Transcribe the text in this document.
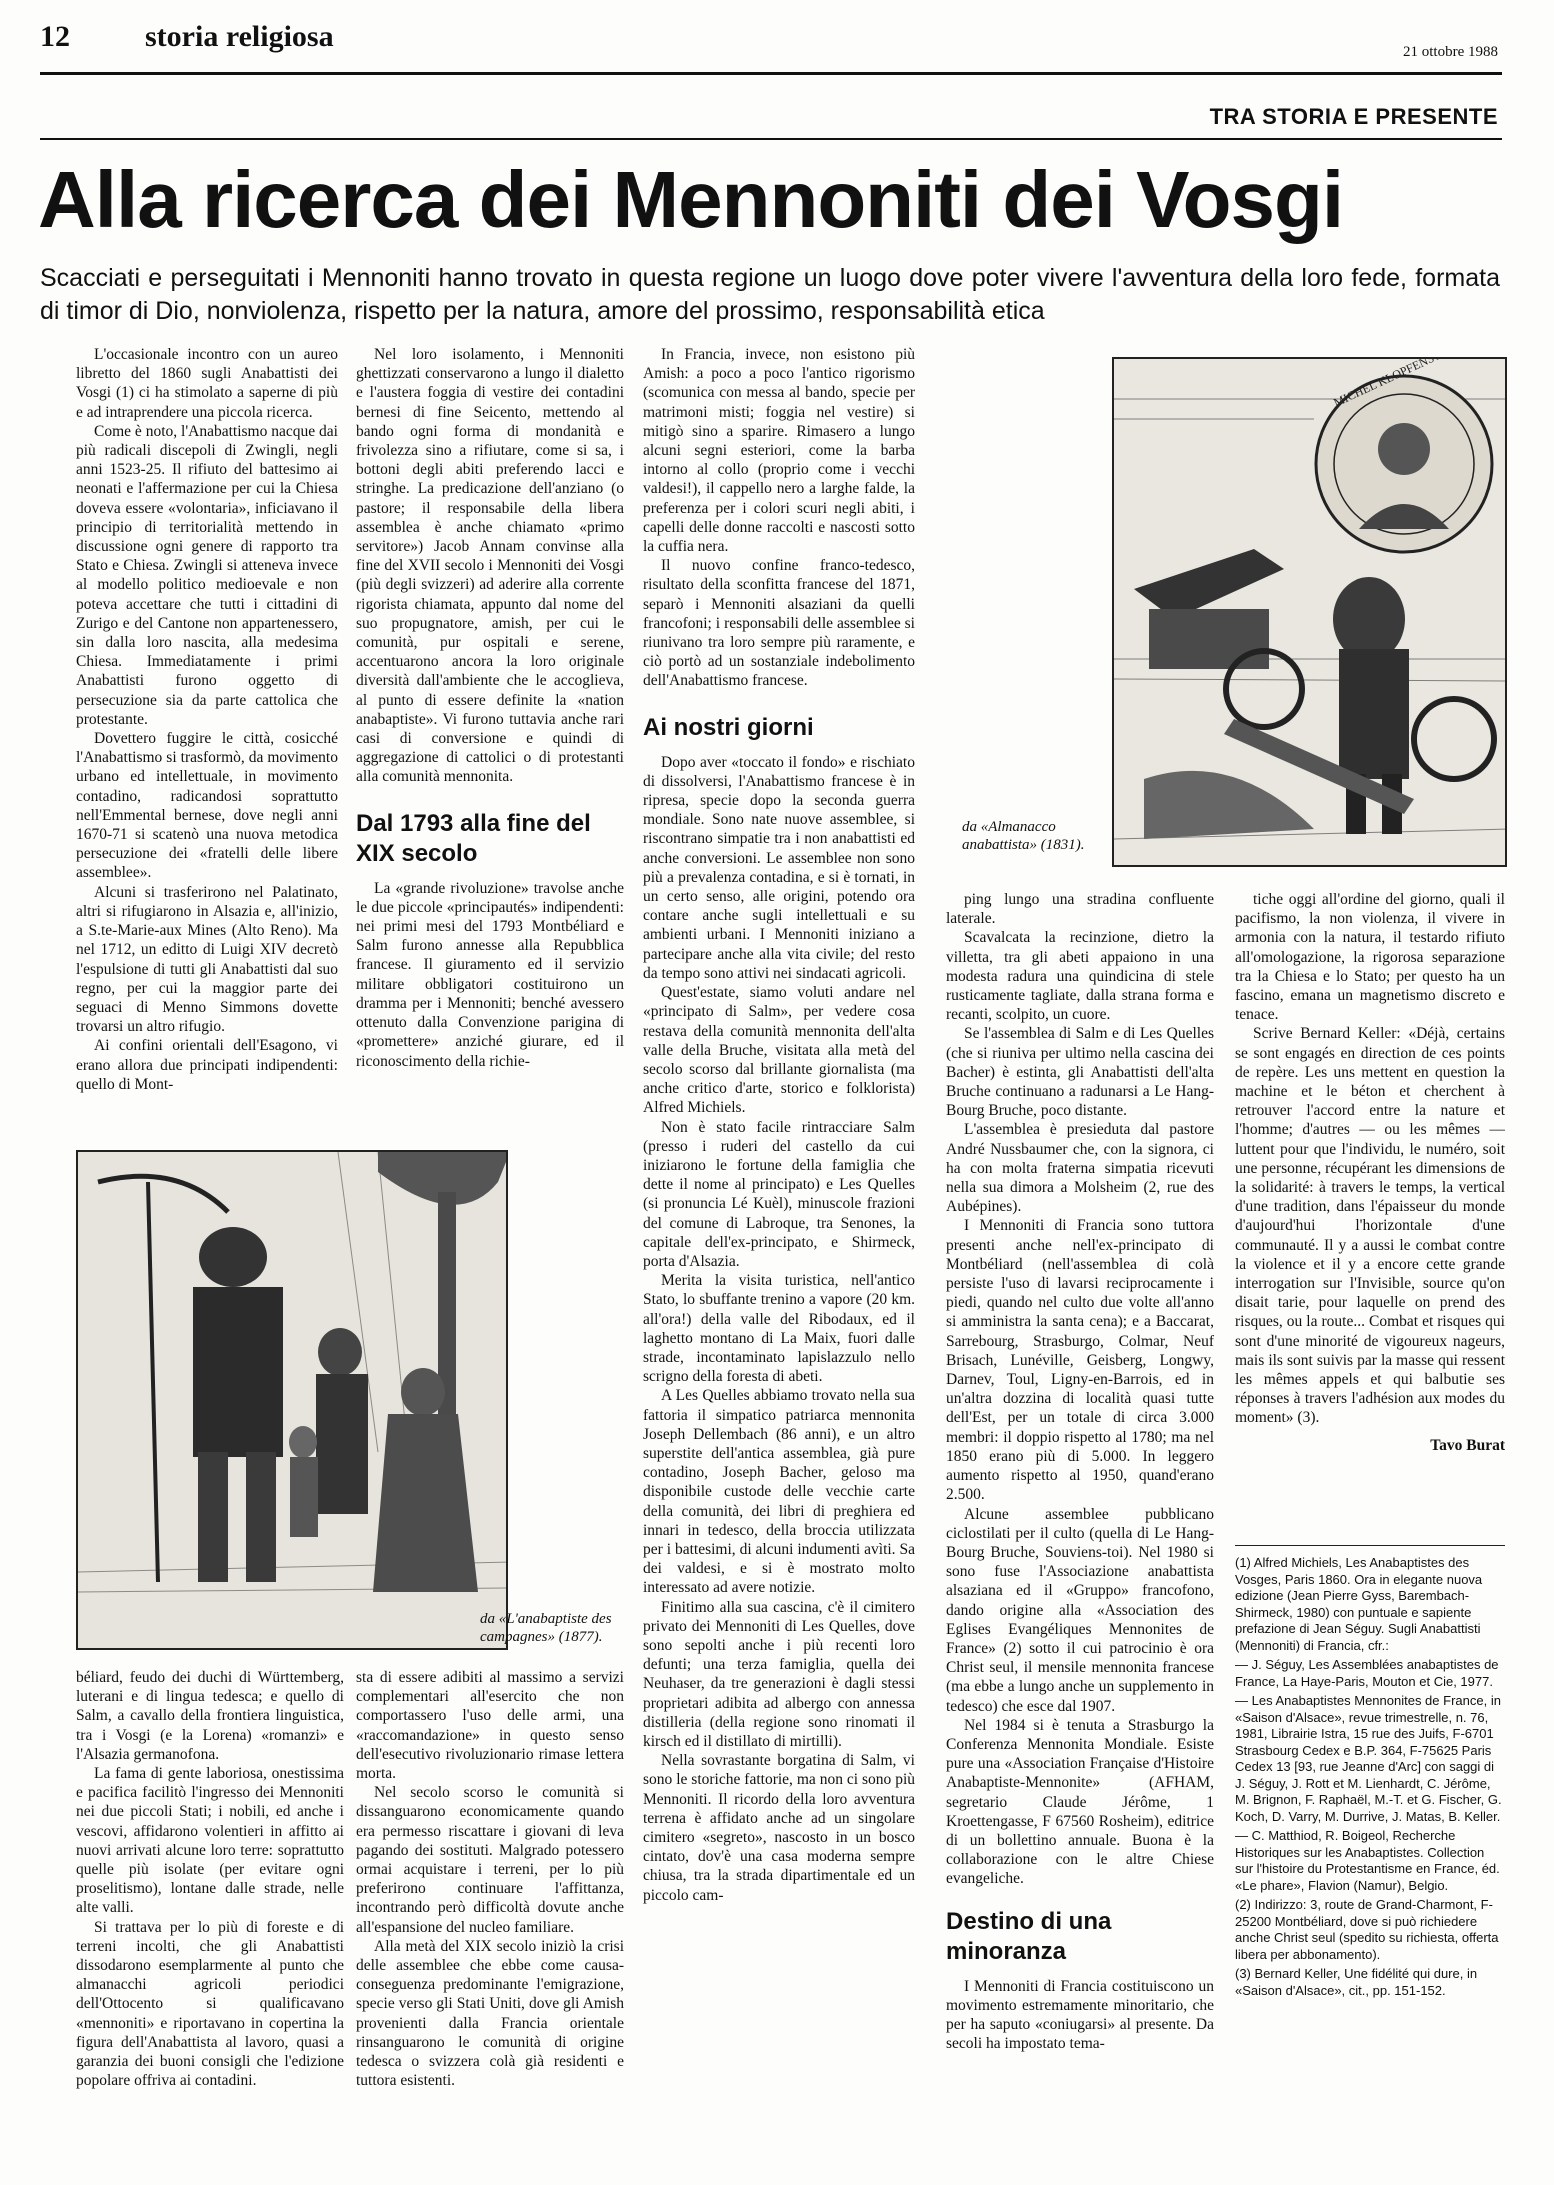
12	storia religiosa	21 ottobre 1988
TRA STORIA E PRESENTE
Alla ricerca dei Mennoniti dei Vosgi
Scacciati e perseguitati i Mennoniti hanno trovato in questa regione un luogo dove poter vivere l'avventura della loro fede, formata di timor di Dio, nonviolenza, rispetto per la natura, amore del prossimo, responsabilità etica

L'occasionale incontro con un aureo libretto del 1860 sugli Anabattisti dei Vosgi (1) ci ha stimolato a saperne di più e ad intraprendere una piccola ricerca.

Come è noto, l'Anabattismo nacque dai più radicali discepoli di Zwingli, negli anni 1523-25. Il rifiuto del battesimo ai neonati e l'affermazione per cui la Chiesa doveva essere «volontaria», inficiavano il principio di territorialità mettendo in discussione ogni genere di rapporto tra Stato e Chiesa. Zwingli si atteneva invece al modello politico medioevale e non poteva accettare che tutti i cittadini di Zurigo e del Cantone non appartenessero, sin dalla loro nascita, alla medesima Chiesa. Immediatamente i primi Anabattisti furono oggetto di persecuzione sia da parte cattolica che protestante.

Dovettero fuggire le città, cosicché l'Anabattismo si trasformò, da movimento urbano ed intellettuale, in movimento contadino, radicandosi soprattutto nell'Emmental bernese, dove negli anni 1670-71 si scatenò una nuova metodica persecuzione dei «fratelli delle libere assemblee».

Alcuni si trasferirono nel Palatinato, altri si rifugiarono in Alsazia e, all'inizio, a S.te-Marie-aux Mines (Alto Reno). Ma nel 1712, un editto di Luigi XIV decretò l'espulsione di tutti gli Anabattisti dal suo regno, per cui la maggior parte dei seguaci di Menno Simmons dovette trovarsi un altro rifugio.

Ai confini orientali dell'Esagono, vi erano allora due principati indipendenti: quello di Mont-

Nel loro isolamento, i Mennoniti ghettizzati conservarono a lungo il dialetto e l'austera foggia di vestire dei contadini bernesi di fine Seicento, mettendo al bando ogni forma di mondanità e frivolezza sino a rifiutare, come si sa, i bottoni degli abiti preferendo lacci e stringhe. La predicazione dell'anziano (o pastore; il responsabile della libera assemblea è anche chiamato «primo servitore») Jacob Annam convinse alla fine del XVII secolo i Mennoniti dei Vosgi (più degli svizzeri) ad aderire alla corrente rigorista chiamata, appunto dal nome del suo propugnatore, amish, per cui le comunità, pur ospitali e serene, accentuarono ancora la loro originale diversità dall'ambiente che le accoglieva, al punto di essere definite la «nation anabaptiste». Vi furono tuttavia anche rari casi di conversione e quindi di aggregazione di cattolici o di protestanti alla comunità mennonita.

Dal 1793 alla fine del XIX secolo

La «grande rivoluzione» travolse anche le due piccole «principautés» indipendenti: nei primi mesi del 1793 Montbéliard e Salm furono annesse alla Repubblica francese. Il giuramento ed il servizio militare obbligatori costituirono un dramma per i Mennoniti; benché avessero ottenuto dalla Convenzione parigina di «prometterе» anziché giurare, ed il riconoscimento della richie-

In Francia, invece, non esistono più Amish: a poco a poco l'antico rigorismo (scomunica con messa al bando, specie per matrimoni misti; foggia nel vestire) si mitigò sino a sparire. Rimasero a lungo alcuni segni esteriori, come la barba intorno al collo (proprio come i vecchi valdesi!), il cappello nero a larghe falde, la preferenza per i colori scuri negli abiti, i capelli delle donne raccolti e nascosti sotto la cuffia nera.

Il nuovo confine franco-tedesco, risultato della sconfitta francese del 1871, separò i Mennoniti alsaziani da quelli francofoni; i responsabili delle assemblee si riunivano tra loro sempre più raramente, e ciò portò ad un sostanziale indebolimento dell'Anabattismo francese.

Ai nostri giorni

Dopo aver «toccato il fondo» e rischiato di dissolversi, l'Anabattismo francese è in ripresa, specie dopo la seconda guerra mondiale. Sono nate nuove assemblee, si riscontrano simpatie tra i non anabattisti ed anche conversioni. Le assemblee non sono più a prevalenza contadina, e si è tornati, in un certo senso, alle origini, potendo ora contare anche sugli intellettuali e su ambienti urbani. I Mennoniti iniziano a partecipare anche alla vita civile; del resto da tempo sono attivi nei sindacati agricoli.

Quest'estate, siamo voluti andare nel «principato di Salm», per vedere cosa restava della comunità mennonita dell'alta valle della Bruche, visitata alla metà del secolo scorso dal brillante giornalista (ma anche critico d'arte, storico e folklorista) Alfred Michiels.

Non è stato facile rintracciare Salm (presso i ruderi del castello da cui iniziarono le fortune della famiglia che dette il nome al principato) e Les Quelles (si pronuncia Lé Kuèl), minuscole frazioni del comune di Labroque, tra Senones, la capitale dell'ex-principato, e Shirmeck, porta d'Alsazia.

Merita la visita turistica, nell'antico Stato, lo sbuffante trenino a vapore (20 km. all'ora!) della valle del Ribodaux, ed il laghetto montano di La Maix, fuori dalle strade, incontaminato lapislazzulo nello scrigno della foresta di abeti.

A Les Quelles abbiamo trovato nella sua fattoria il simpatico patriarca mennonita Joseph Dellembach (86 anni), e un altro superstite dell'antica assemblea, già pure contadino, Joseph Bacher, geloso ma disponibile custode delle vecchie carte della comunità, dei libri di preghiera ed innari in tedesco, della broccia utilizzata per i battesimi, di alcuni indumenti avìti. Sa dei valdesi, e si è mostrato molto interessato ad avere notizie.

Finitimo alla sua cascina, c'è il cimitero privato dei Mennoniti di Les Quelles, dove sono sepolti anche i più recenti loro defunti; una terza famiglia, quella dei Neuhaser, da tre generazioni è dagli stessi proprietari adibita ad albergo con annessa distilleria (della regione sono rinomati il kirsch ed il distillato di mirtilli).

Nella sovrastante borgatina di Salm, vi sono le storiche fattorie, ma non ci sono più Mennoniti. Il ricordo della loro avventura terrena è affidato anche ad un singolare cimitero «segreto», nascosto in un bosco cintato, dov'è una casa moderna sempre chiusa, tra la strada dipartimentale ed un piccolo cam-

da «Almanacco anabattista» (1831).

ping lungo una stradina confluente laterale.

Scavalcata la recinzione, dietro la villetta, tra gli abeti appaiono in una modesta radura una quindicina di stele rusticamente tagliate, dalla strana forma e recanti, scolpito, un cuore.

Se l'assemblea di Salm e di Les Quelles (che si riuniva per ultimo nella cascina dei Bacher) è estinta, gli Anabattisti dell'alta Bruche continuano a radunarsi a Le Hang-Bourg Bruche, poco distante.

L'assemblea è presieduta dal pastore André Nussbaumer che, con la signora, ci ha con molta fraterna simpatia ricevuti nella sua dimora a Molsheim (2, rue des Aubépines).

I Mennoniti di Francia sono tuttora presenti anche nell'ex-principato di Montbéliard (nell'assemblea di colà persiste l'uso di lavarsi reciprocamente i piedi, quando nel culto due volte all'anno si amministra la santa cena); e a Baccarat, Sarrebourg, Strasburgo, Colmar, Neuf Brisach, Lunéville, Geisberg, Longwy, Darnev, Toul, Ligny-en-Barrois, ed in un'altra dozzina di località quasi tutte dell'Est, per un totale di circa 3.000 membri: il doppio rispetto al 1780; ma nel 1850 erano più di 5.000. In leggero aumento rispetto al 1950, quand'erano 2.500.

Alcune assemblee pubblicano ciclostilati per il culto (quella di Le Hang-Bourg Bruche, Souviens-toi). Nel 1980 si sono fuse l'Associazione anabattista alsaziana ed il «Gruppo» francofono, dando origine alla «Association des Eglises Evangéliques Mennonites de France» (2) sotto il cui patrocinio è ora Christ seul, il mensile mennonita francese (ma ebbe a lungo anche un supplemento in tedesco) che esce dal 1907.

Nel 1984 si è tenuta a Strasburgo la Conferenza Mennonita Mondiale. Esiste pure una «Association Française d'Histoire Anabaptiste-Mennonite» (AFHAM, segretario Claude Jérôme, 1 Kroettengasse, F 67560 Rosheim), editrice di un bollettino annuale. Buona è la collaborazione con le altre Chiese evangeliche.

Destino di una minoranza

I Mennoniti di Francia costituiscono un movimento estremamente minoritario, che per ha saputo «coniugarsi» al presente. Da secoli ha impostato tema-

tiche oggi all'ordine del giorno, quali il pacifismo, la non violenza, il vivere in armonia con la natura, il testardo rifiuto all'omologazione, la rigorosa separazione tra la Chiesa e lo Stato; per questo ha un fascino, emana un magnetismo discreto e tenace.

Scrive Bernard Keller: «Déjà, certains se sont engagés en direction de ces points de repère. Les uns mettent en question la machine et le béton et cherchent à retrouver l'accord entre la nature et l'homme; d'autres — ou les mêmes — luttent pour que l'individu, le numéro, soit une personne, récupérant les dimensions de la solidarité: à travers le temps, la vertical d'une tradition, dans l'épaisseur du monde d'aujourd'hui l'horizontale d'une communauté. Il y a aussi le combat contre la violence et il y a encore cette grande interrogation sur l'Invisible, source qu'on disait tarie, pour laquelle on prend des risques, ou la route... Combat et risques qui sont d'une minorité de vigoureux nageurs, mais ils sont suivis par la masse qui ressent les mêmes appels et qui balbutie ses réponses à travers l'adhésion aux modes du moment» (3).

Tavo Burat

(1) Alfred Michiels, Les Anabaptistes des Vosges, Paris 1860. Ora in elegante nuova edizione (Jean Pierre Gyss, Barembach-Shirmeck, 1980) con puntuale e sapiente prefazione di Jean Séguy. Sugli Anabattisti (Mennoniti) di Francia, cfr.:

— J. Séguy, Les Assemblées anabaptistes de France, La Haye-Paris, Mouton et Cie, 1977.

— Les Anabaptistes Mennonites de France, in «Saison d'Alsace», revue trimestrelle, n. 76, 1981, Librairie Istra, 15 rue des Juifs, F-6701 Strasbourg Cedex e B.P. 364, F-75625 Paris Cedex 13 [93, rue Jeanne d'Arc] con saggi di J. Séguy, J. Rott et M. Lienhardt, C. Jérôme, M. Brignon, F. Raphaël, M.-T. et G. Fischer, G. Koch, D. Varry, M. Durrive, J. Matas, B. Keller.

— C. Matthiod, R. Boigeol, Recherche Historiques sur les Anabaptistes. Collection sur l'histoire du Protestantisme en France, éd. «Le phare», Flavion (Namur), Belgio.

(2) Indirizzo: 3, route de Grand-Charmont, F-25200 Montbéliard, dove si può richiedere anche Christ seul (spedito su richiesta, offerta libera per abbonamento).

(3) Bernard Keller, Une fidélité qui dure, in «Saison d'Alsace», cit., pp. 151-152.

da «L'anabaptiste des campagnes» (1877).

béliard, feudo dei duchi di Württemberg, luterani e di lingua tedesca; e quello di Salm, a cavallo della frontiera linguistica, tra i Vosgi (e la Lorena) «romanzi» e l'Alsazia germanofona.

La fama di gente laboriosa, onestissima e pacifica facilitò l'ingresso dei Mennoniti nei due piccoli Stati; i nobili, ed anche i vescovi, affidarono volentieri in affitto ai nuovi arrivati alcune loro terre: soprattutto quelle più isolate (per evitare ogni proselitismo), lontane dalle strade, nelle alte valli.

Si trattava per lo più di foreste e di terreni incolti, che gli Anabattisti dissodarono esemplarmente al punto che almanacchi agricoli periodici dell'Ottocento si qualificavano «mennoniti» e riportavano in copertina la figura dell'Anabattista al lavoro, quasi a garanzia dei buoni consigli che l'edizione popolare offriva ai contadini.

sta di essere adibiti al massimo a servizi complementari all'esercito che non comportassero l'uso delle armi, una «raccomandazione» in questo senso dell'esecutivo rivoluzionario rimase lettera morta.

Nel secolo scorso le comunità si dissanguarono economicamente quando era permesso riscattare i giovani di leva pagando dei sostituti. Malgrado potessero ormai acquistare i terreni, per lo più preferirono continuare l'affittanza, incontrando però difficoltà dovute anche all'espansione del nucleo familiare.

Alla metà del XIX secolo iniziò la crisi delle assemblee che ebbe come causa-conseguenza predominante l'emigrazione, specie verso gli Stati Uniti, dove gli Amish provenienti dalla Francia orientale rinsanguarono le comunità di origine tedesca o svizzera colà già residenti e tuttora esistenti.
